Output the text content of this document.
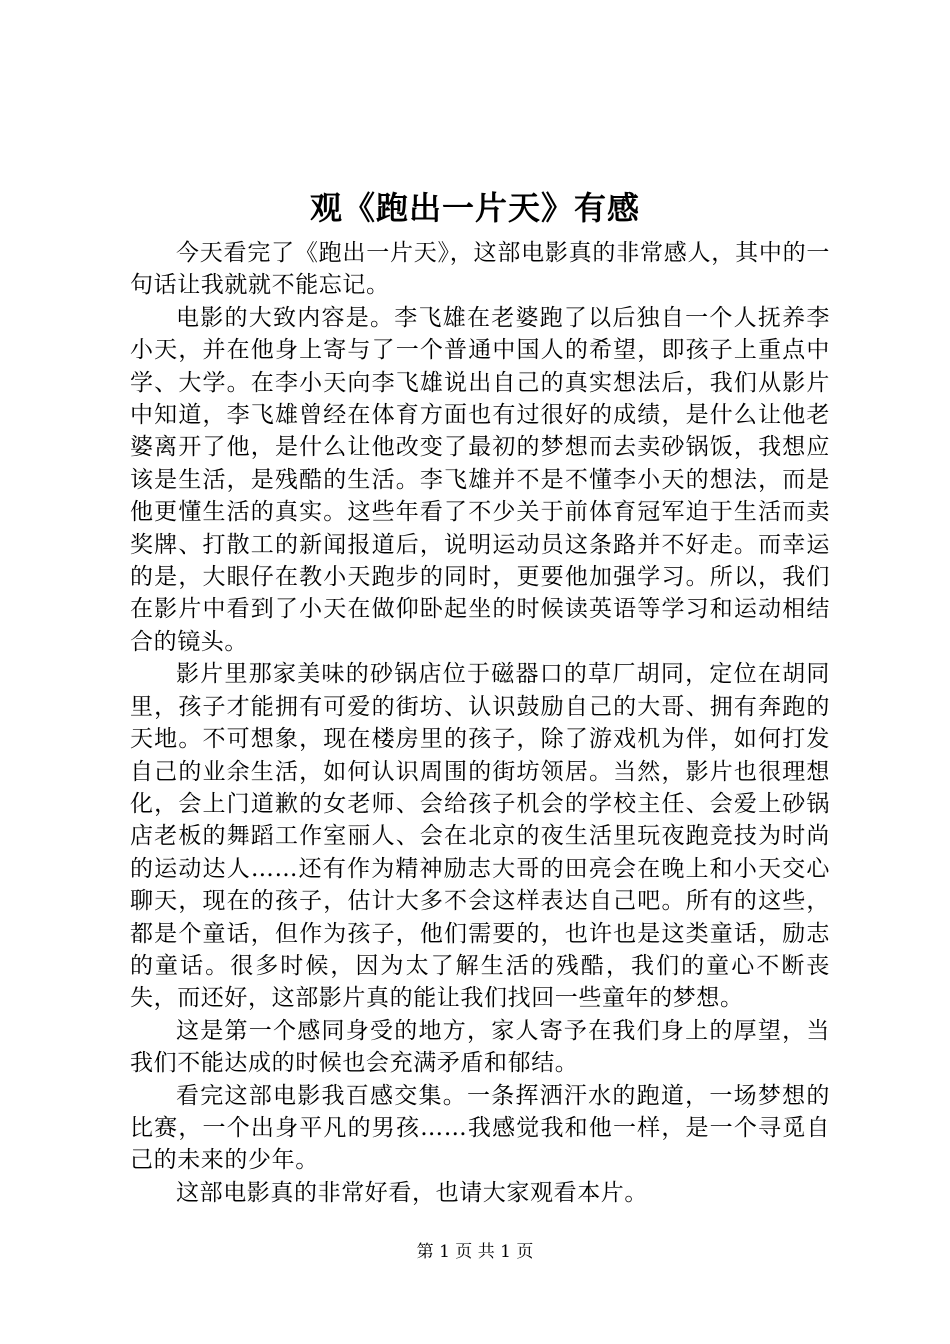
观《跑出一片天》有感

今天看完了《跑出一片天》，这部电影真的非常感人，其中的一句话让我就就不能忘记。

电影的大致内容是。李飞雄在老婆跑了以后独自一个人抚养李小天，并在他身上寄与了一个普通中国人的希望，即孩子上重点中学、大学。在李小天向李飞雄说出自己的真实想法后，我们从影片中知道，李飞雄曾经在体育方面也有过很好的成绩，是什么让他老婆离开了他，是什么让他改变了最初的梦想而去卖砂锅饭，我想应该是生活，是残酷的生活。李飞雄并不是不懂李小天的想法，而是他更懂生活的真实。这些年看了不少关于前体育冠军迫于生活而卖奖牌、打散工的新闻报道后，说明运动员这条路并不好走。而幸运的是，大眼仔在教小天跑步的同时，更要他加强学习。所以，我们在影片中看到了小天在做仰卧起坐的时候读英语等学习和运动相结合的镜头。

影片里那家美味的砂锅店位于磁器口的草厂胡同，定位在胡同里，孩子才能拥有可爱的街坊、认识鼓励自己的大哥、拥有奔跑的天地。不可想象，现在楼房里的孩子，除了游戏机为伴，如何打发自己的业余生活，如何认识周围的街坊领居。当然，影片也很理想化，会上门道歉的女老师、会给孩子机会的学校主任、会爱上砂锅店老板的舞蹈工作室丽人、会在北京的夜生活里玩夜跑竞技为时尚的运动达人……还有作为精神励志大哥的田亮会在晚上和小天交心聊天，现在的孩子，估计大多不会这样表达自己吧。所有的这些，都是个童话，但作为孩子，他们需要的，也许也是这类童话，励志的童话。很多时候，因为太了解生活的残酷，我们的童心不断丧失，而还好，这部影片真的能让我们找回一些童年的梦想。

这是第一个感同身受的地方，家人寄予在我们身上的厚望，当我们不能达成的时候也会充满矛盾和郁结。

看完这部电影我百感交集。一条挥洒汗水的跑道，一场梦想的比赛，一个出身平凡的男孩……我感觉我和他一样，是一个寻觅自己的未来的少年。

这部电影真的非常好看，也请大家观看本片。

第 1 页 共 1 页
